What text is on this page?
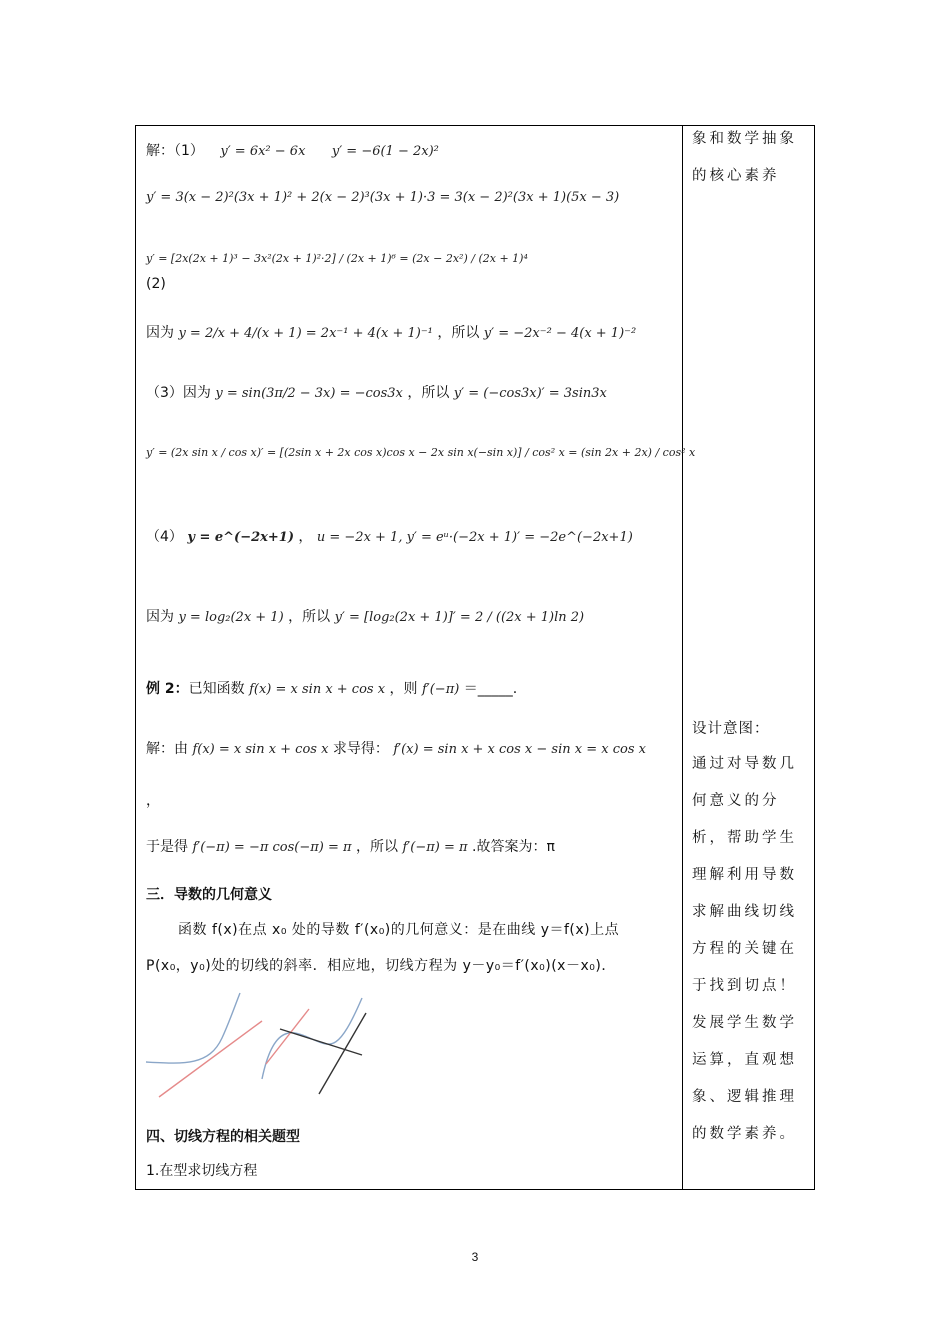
解：（1） y′ = 6x² − 6x y′ = −6(1 − 2x)²
y′ = 3(x − 2)²(3x + 1)² + 2(x − 2)³(3x + 1)·3 = 3(x − 2)²(3x + 1)(5x − 3)
y′ = [2x(2x + 1)³ − 3x²(2x + 1)²·2] / (2x + 1)⁶ = (2x − 2x²) / (2x + 1)⁴
(2)
因为 y = 2/x + 4/(x + 1) = 2x⁻¹ + 4(x + 1)⁻¹ ，所以 y′ = −2x⁻² − 4(x + 1)⁻²
（3）因为 y = sin(3π/2 − 3x) = −cos3x ，所以 y′ = (−cos3x)′ = 3sin3x
y′ = (2x sin x / cos x)′ = [(2sin x + 2x cos x)cos x − 2x sin x(−sin x)] / cos² x = (sin 2x + 2x) / cos² x
（4） y = e^(−2x+1) ， u = −2x + 1, y′ = eᵘ·(−2x + 1)′ = −2e^(−2x+1)
因为 y = log₂(2x + 1) ，所以 y′ = [log₂(2x + 1)]′ = 2 / ((2x + 1)ln 2)
例 2：已知函数 f(x) = x sin x + cos x ，则 f′(−π) ＝_____.
解：由 f(x) = x sin x + cos x 求导得： f′(x) = sin x + x cos x − sin x = x cos x
，
于是得 f′(−π) = −π cos(−π) = π ，所以 f′(−π) = π .故答案为：π
三．导数的几何意义
函数 f(x)在点 x₀ 处的导数 f′(x₀)的几何意义：是在曲线 y＝f(x)上点
P(x₀，y₀)处的切线的斜率．相应地，切线方程为 y－y₀＝f′(x₀)(x－x₀)．
四、切线方程的相关题型
1.在型求切线方程
象和数学抽象的核心素养
设计意图：
通过对导数几何意义的分析，帮助学生理解利用导数求解曲线切线方程的关键在于找到切点！发展学生数学运算，直观想象、逻辑推理的数学素养。
3
